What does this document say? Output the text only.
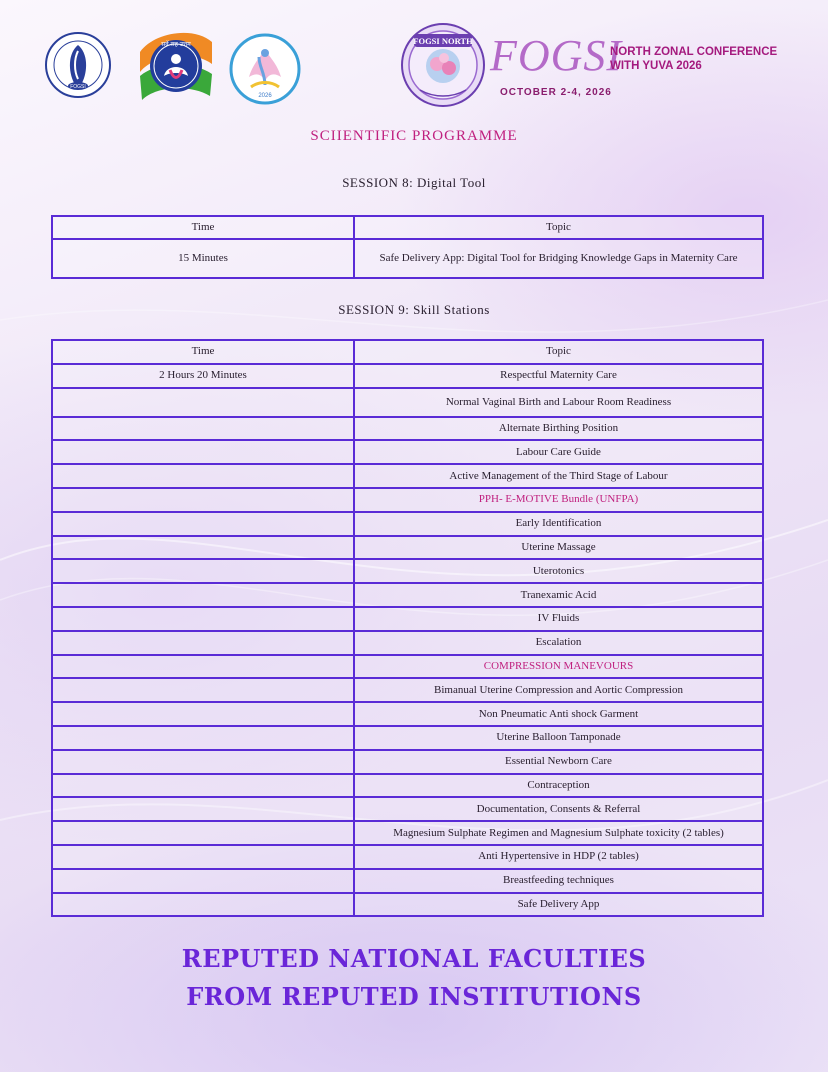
FOGSI
सर्वे सह उत्तम
2026
FOGSI NORTH FOGSI
NORTH ZONAL CONFERENCE
WITH YUVA 2026
OCTOBER 2-4, 2026
SCIIENTIFIC PROGRAMME
SESSION 8: Digital Tool
Time	Topic
15 Minutes	Safe Delivery App: Digital Tool for Bridging Knowledge Gaps in Maternity Care
SESSION 9: Skill Stations
Time	Topic
2 Hours 20 Minutes	Respectful Maternity Care
	Normal Vaginal Birth and Labour Room Readiness
	Alternate Birthing Position
	Labour Care Guide
	Active Management of the Third Stage of Labour
	PPH- E-MOTIVE Bundle (UNFPA)
	Early Identification
	Uterine Massage
	Uterotonics
	Tranexamic Acid
	IV Fluids
	Escalation
	COMPRESSION MANEVOURS
	Bimanual Uterine Compression and Aortic Compression
	Non Pneumatic Anti shock Garment
	Uterine Balloon Tamponade
	Essential Newborn Care
	Contraception
	Documentation, Consents & Referral
	Magnesium Sulphate Regimen and Magnesium Sulphate toxicity (2 tables)
	Anti Hypertensive in HDP (2 tables)
	Breastfeeding techniques
	Safe Delivery App
REPUTED NATIONAL FACULTIES
FROM REPUTED INSTITUTIONS
